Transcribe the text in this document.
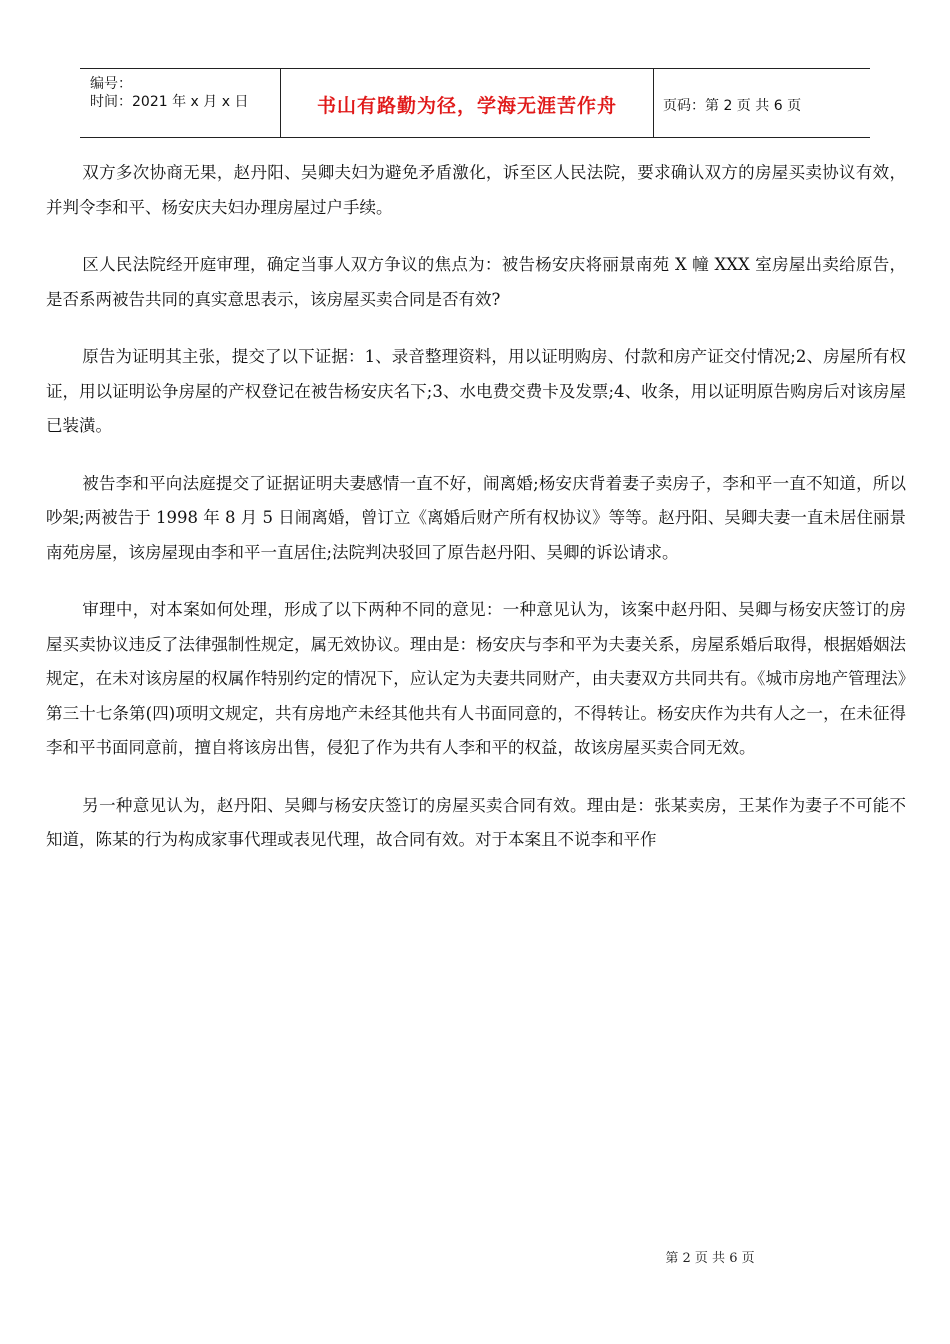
编号：
时间：2021 年 x 月 x 日	书山有路勤为径，学海无涯苦作舟	页码：第 2 页 共 6 页

双方多次协商无果，赵丹阳、吴卿夫妇为避免矛盾激化，诉至区人民法院，要求确认双方的房屋买卖协议有效，并判令李和平、杨安庆夫妇办理房屋过户手续。

区人民法院经开庭审理，确定当事人双方争议的焦点为：被告杨安庆将丽景南苑 X 幢 XXX 室房屋出卖给原告，是否系两被告共同的真实意思表示，该房屋买卖合同是否有效?

原告为证明其主张，提交了以下证据：1、录音整理资料，用以证明购房、付款和房产证交付情况;2、房屋所有权证，用以证明讼争房屋的产权登记在被告杨安庆名下;3、水电费交费卡及发票;4、收条，用以证明原告购房后对该房屋已装潢。

被告李和平向法庭提交了证据证明夫妻感情一直不好，闹离婚;杨安庆背着妻子卖房子，李和平一直不知道，所以吵架;两被告于 1998 年 8 月 5 日闹离婚，曾订立《离婚后财产所有权协议》等等。赵丹阳、吴卿夫妻一直未居住丽景南苑房屋，该房屋现由李和平一直居住;法院判决驳回了原告赵丹阳、吴卿的诉讼请求。

审理中，对本案如何处理，形成了以下两种不同的意见：一种意见认为，该案中赵丹阳、吴卿与杨安庆签订的房屋买卖协议违反了法律强制性规定，属无效协议。理由是：杨安庆与李和平为夫妻关系，房屋系婚后取得，根据婚姻法规定，在未对该房屋的权属作特别约定的情况下，应认定为夫妻共同财产，由夫妻双方共同共有。《城市房地产管理法》第三十七条第(四)项明文规定，共有房地产未经其他共有人书面同意的，不得转让。杨安庆作为共有人之一，在未征得李和平书面同意前，擅自将该房出售，侵犯了作为共有人李和平的权益，故该房屋买卖合同无效。

另一种意见认为，赵丹阳、吴卿与杨安庆签订的房屋买卖合同有效。理由是：张某卖房，王某作为妻子不可能不知道，陈某的行为构成家事代理或表见代理，故合同有效。对于本案且不说李和平作

第 2 页 共 6 页
